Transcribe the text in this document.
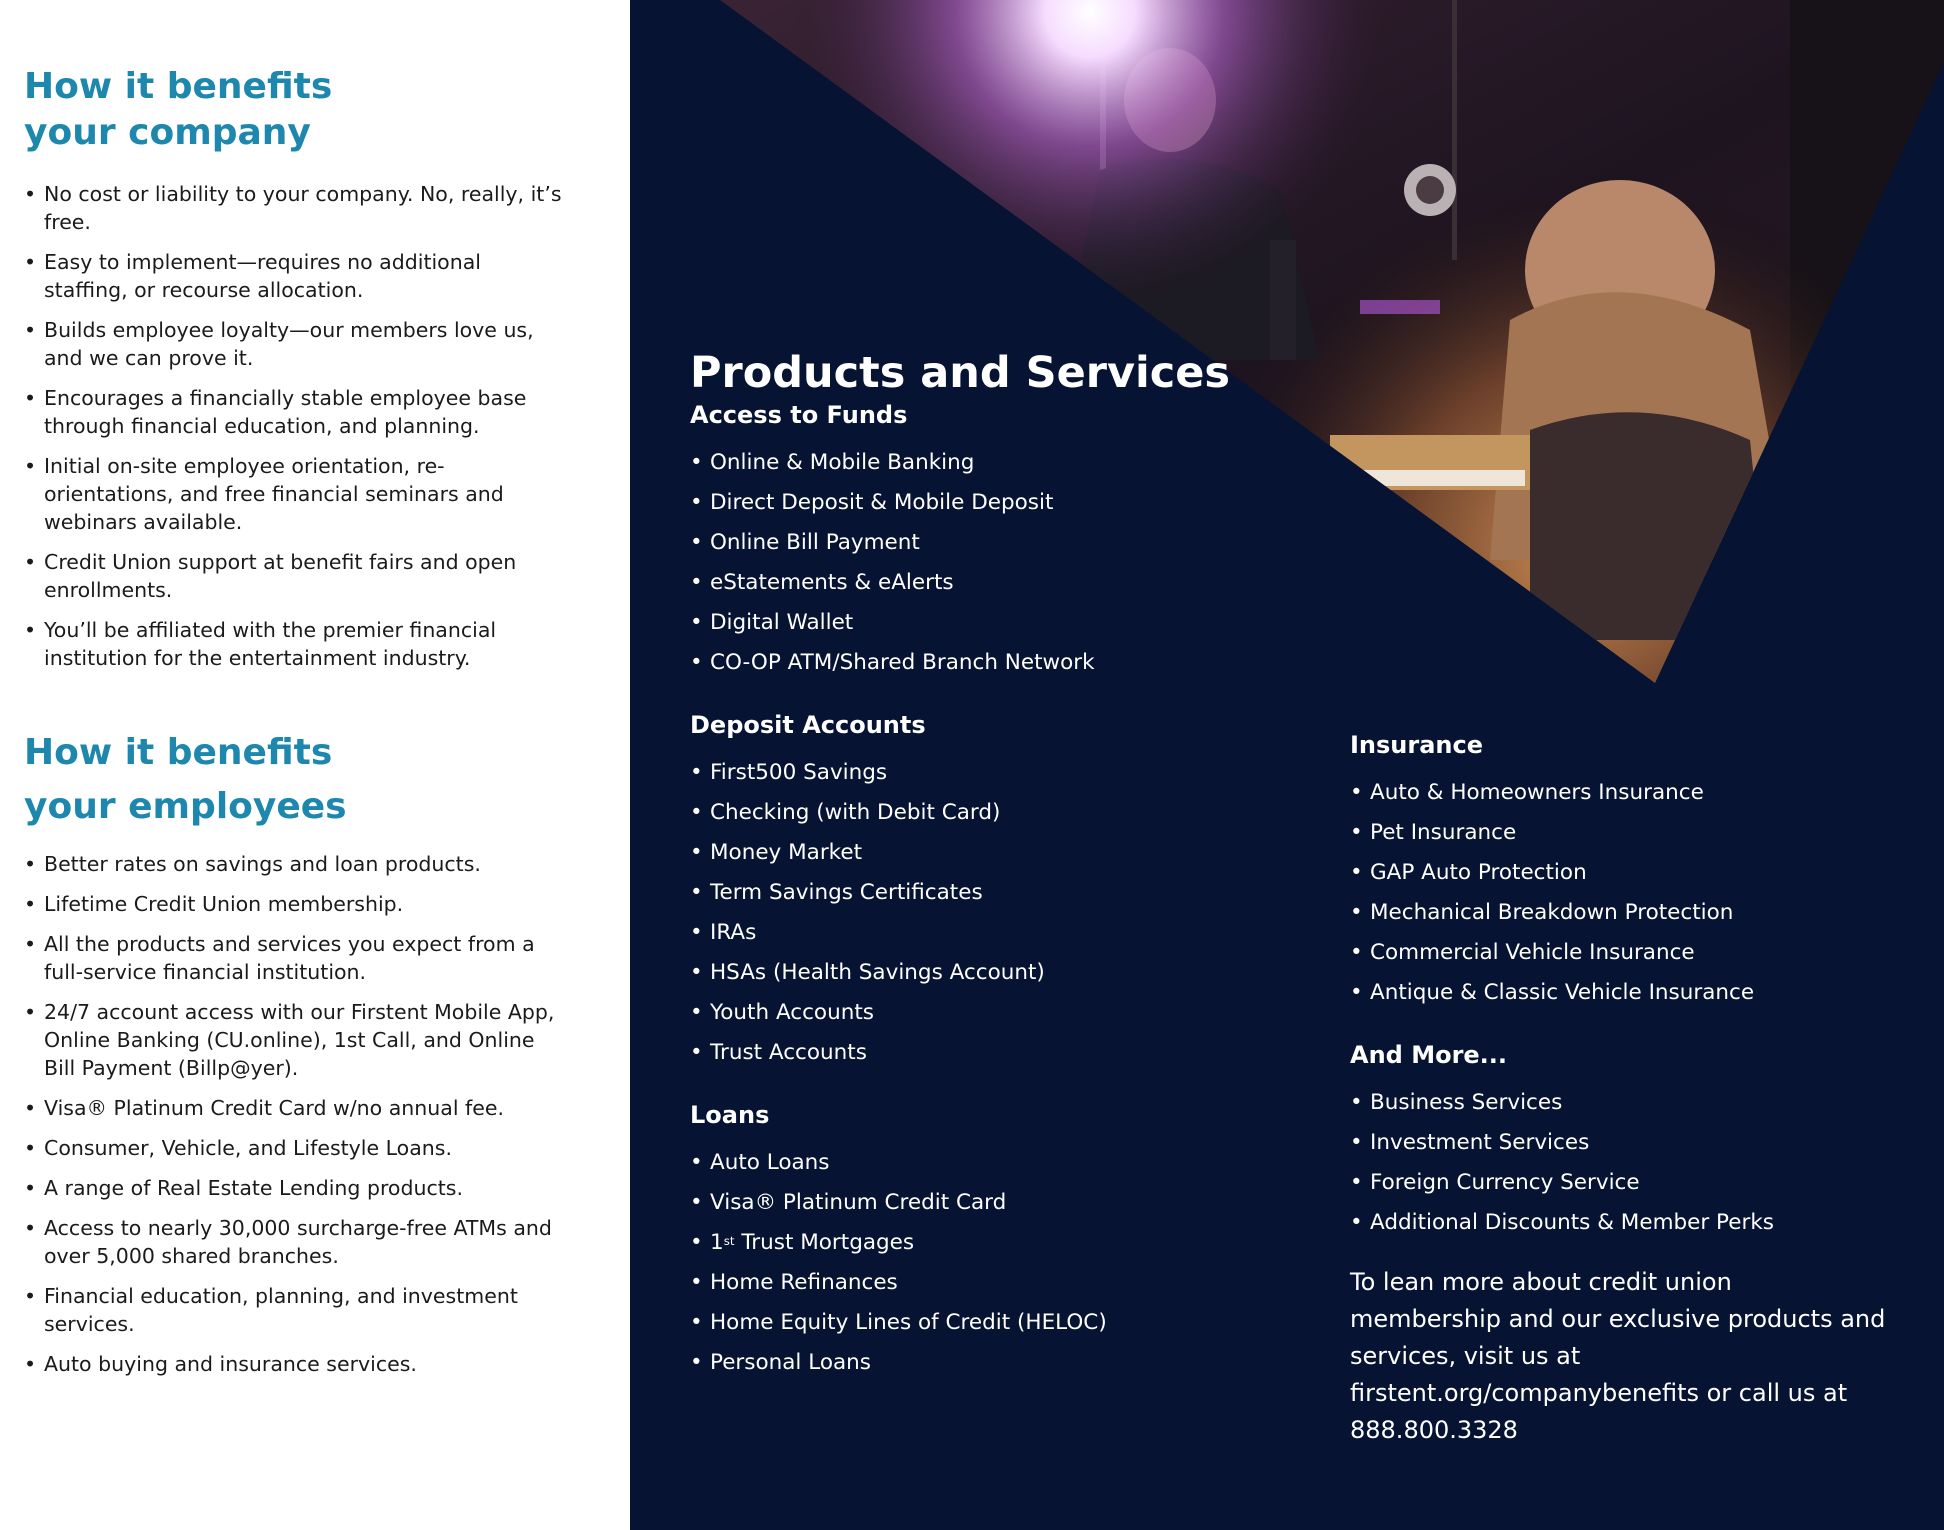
How it benefits
your company
• No cost or liability to your company. No, really, it’s free.
• Easy to implement—requires no additional staffing, or recourse allocation.
• Builds employee loyalty—our members love us, and we can prove it.
• Encourages a financially stable employee base through financial education, and planning.
• Initial on-site employee orientation, re-orientations, and free financial seminars and webinars available.
• Credit Union support at benefit fairs and open enrollments.
• You’ll be affiliated with the premier financial institution for the entertainment industry.
How it benefits
your employees
• Better rates on savings and loan products.
• Lifetime Credit Union membership.
• All the products and services you expect from a full-service financial institution.
• 24/7 account access with our Firstent Mobile App, Online Banking (CU.online), 1st Call, and Online Bill Payment (Billp@yer).
• Visa® Platinum Credit Card w/no annual fee.
• Consumer, Vehicle, and Lifestyle Loans.
• A range of Real Estate Lending products.
• Access to nearly 30,000 surcharge-free ATMs and over 5,000 shared branches.
• Financial education, planning, and investment services.
• Auto buying and insurance services.
Products and Services
Access to Funds
• Online & Mobile Banking
• Direct Deposit & Mobile Deposit
• Online Bill Payment
• eStatements & eAlerts
• Digital Wallet
• CO-OP ATM/Shared Branch Network
Deposit Accounts
• First500 Savings
• Checking (with Debit Card)
• Money Market
• Term Savings Certificates
• IRAs
• HSAs (Health Savings Account)
• Youth Accounts
• Trust Accounts
Loans
• Auto Loans
• Visa® Platinum Credit Card
• 1st Trust Mortgages
• Home Refinances
• Home Equity Lines of Credit (HELOC)
• Personal Loans
Insurance
• Auto & Homeowners Insurance
• Pet Insurance
• GAP Auto Protection
• Mechanical Breakdown Protection
• Commercial Vehicle Insurance
• Antique & Classic Vehicle Insurance
And More...
• Business Services
• Investment Services
• Foreign Currency Service
• Additional Discounts & Member Perks

To lean more about credit union membership and our exclusive products and services, visit us at firstent.org/companybenefits or call us at 888.800.3328
